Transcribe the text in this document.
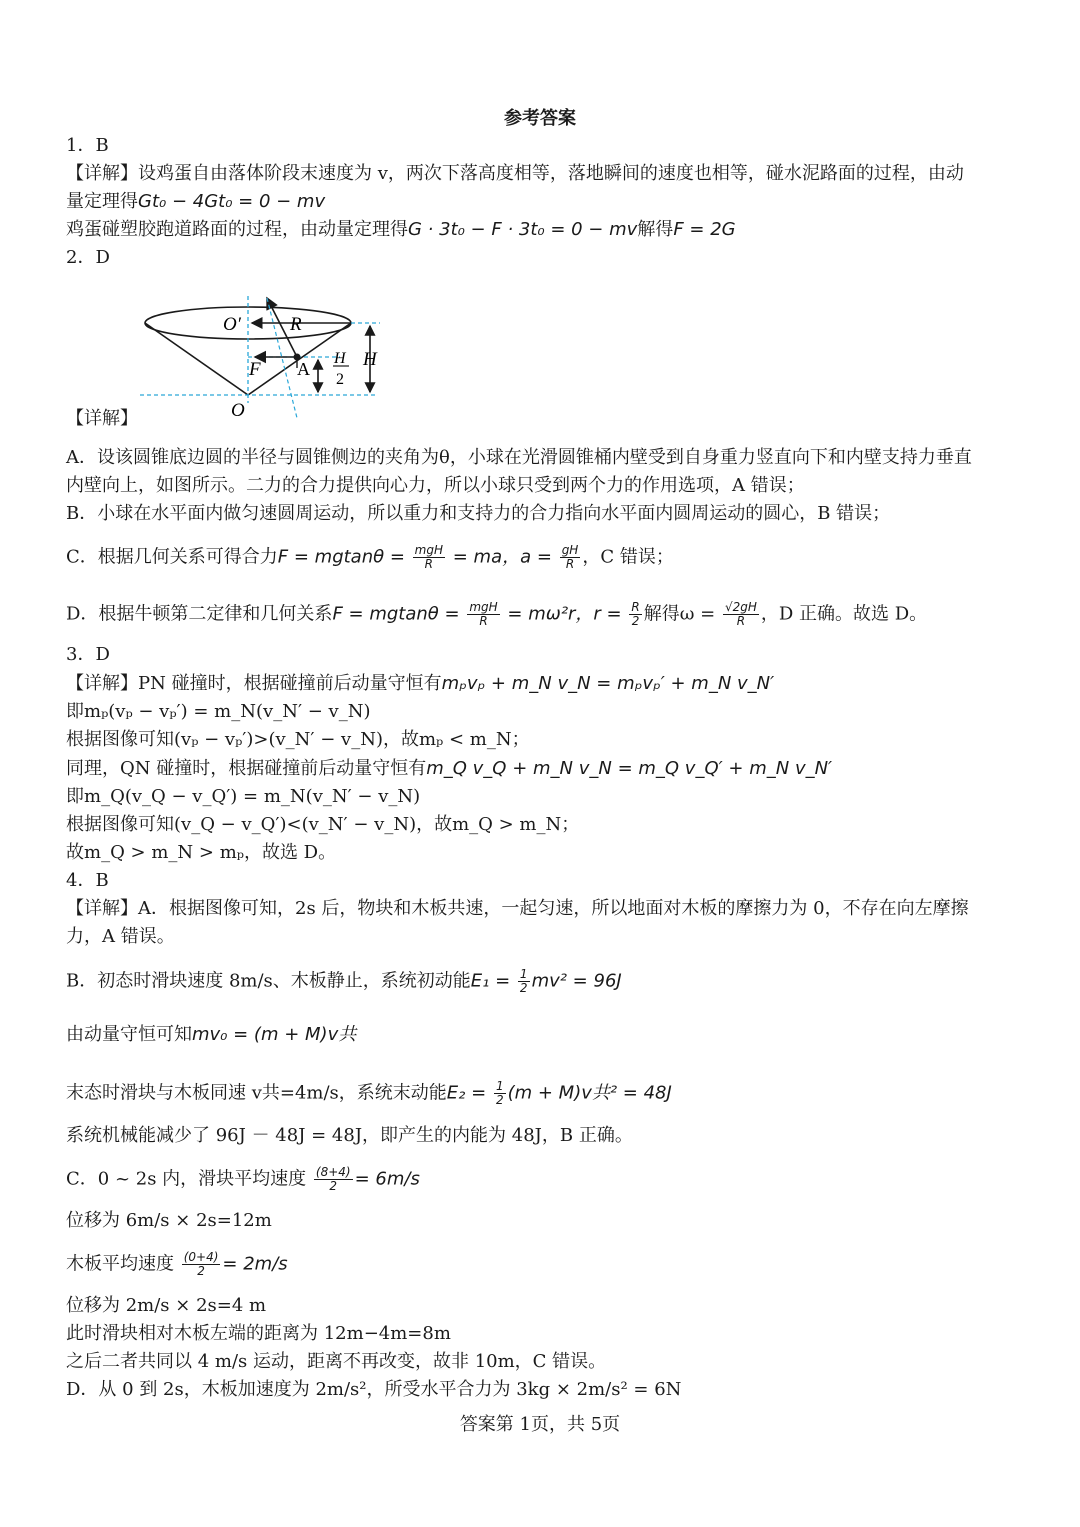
参考答案
1．B
【详解】设鸡蛋自由落体阶段末速度为 v，两次下落高度相等，落地瞬间的速度也相等，碰水泥路面的过程，由动
量定理得Gt₀ − 4Gt₀ = 0 − mv
鸡蛋碰塑胶跑道路面的过程，由动量定理得G · 3t₀ − F · 3t₀ = 0 − mv解得F = 2G
2．D
O′	R
F A
O
H
H
2
【详解】
A．设该圆锥底边圆的半径与圆锥侧边的夹角为θ，小球在光滑圆锥桶内壁受到自身重力竖直向下和内壁支持力垂直
内壁向上，如图所示。二力的合力提供向心力，所以小球只受到两个力的作用选项，A 错误；
B．小球在水平面内做匀速圆周运动，所以重力和支持力的合力指向水平面内圆周运动的圆心，B 错误；
C．根据几何关系可得合力$F = mgtan\theta = \frac{\text{mgH}}{R}$ = ma，$a = \frac{gH}{R}$ ，C 错误；
D．根据牛顿第二定律和几何关系$F = mgtan\theta = \frac{\text{mgH}}{R} = m\omega^2r$，$r = \frac{R}{2}$ 解得$\omega = \frac{√2gH}{R}$ ，D 正确。故选 D。
3．D
【详解】PN 碰撞时，根据碰撞前后动量守恒有mₚvₚ + m_N v_N = mₚvₚ′ + m_N v_N′
即mₚ(vₚ − vₚ′) = m_N(v_N′ − v_N)
根据图像可知(vₚ − vₚ′)>(v_N′ − v_N)，故mₚ < m_N；
同理，QN 碰撞时，根据碰撞前后动量守恒有m_Q v_Q + m_N v_N = m_Q v_Q′ + m_N v_N′
即m_Q(v_Q − v_Q′) = m_N(v_N′ − v_N)
根据图像可知(v_Q − v_Q′)<(v_N′ − v_N)，故m_Q > m_N；
故m_Q > m_N > mₚ，故选 D。
4．B
【详解】A．根据图像可知，2s 后，物块和木板共速，一起匀速，所以地面对木板的摩擦力为 0，不存在向左摩擦
力，A 错误。
B．初态时滑块速度 8m/s、木板静止，系统初动能$E_1 = \frac{1}{2} mv^2 = 96J$
由动量守恒可知mv₀ = (m + M)v共
末态时滑块与木板同速 v共=4m/s，系统末动能$E_2 = \frac{1}{2} (m + M)v$共² = 48J
系统机械能减少了 96J － 48J = 48J，即产生的内能为 48J，B 正确。
C．0 ~ 2s 内，滑块平均速度 $\frac{(8+4)}{2} = 6m/s$
位移为 6m/s × 2s=12m
木板平均速度 $\frac{(0+4)}{2} = 2m/s$
位移为 2m/s × 2s=4 m
此时滑块相对木板左端的距离为 12m−4m=8m
之后二者共同以 4 m/s 运动，距离不再改变，故非 10m，C 错误。
D．从 0 到 2s，木板加速度为 2m/s²，所受水平合力为 3kg × 2m/s² = 6N
答案第 1页，共 5页
